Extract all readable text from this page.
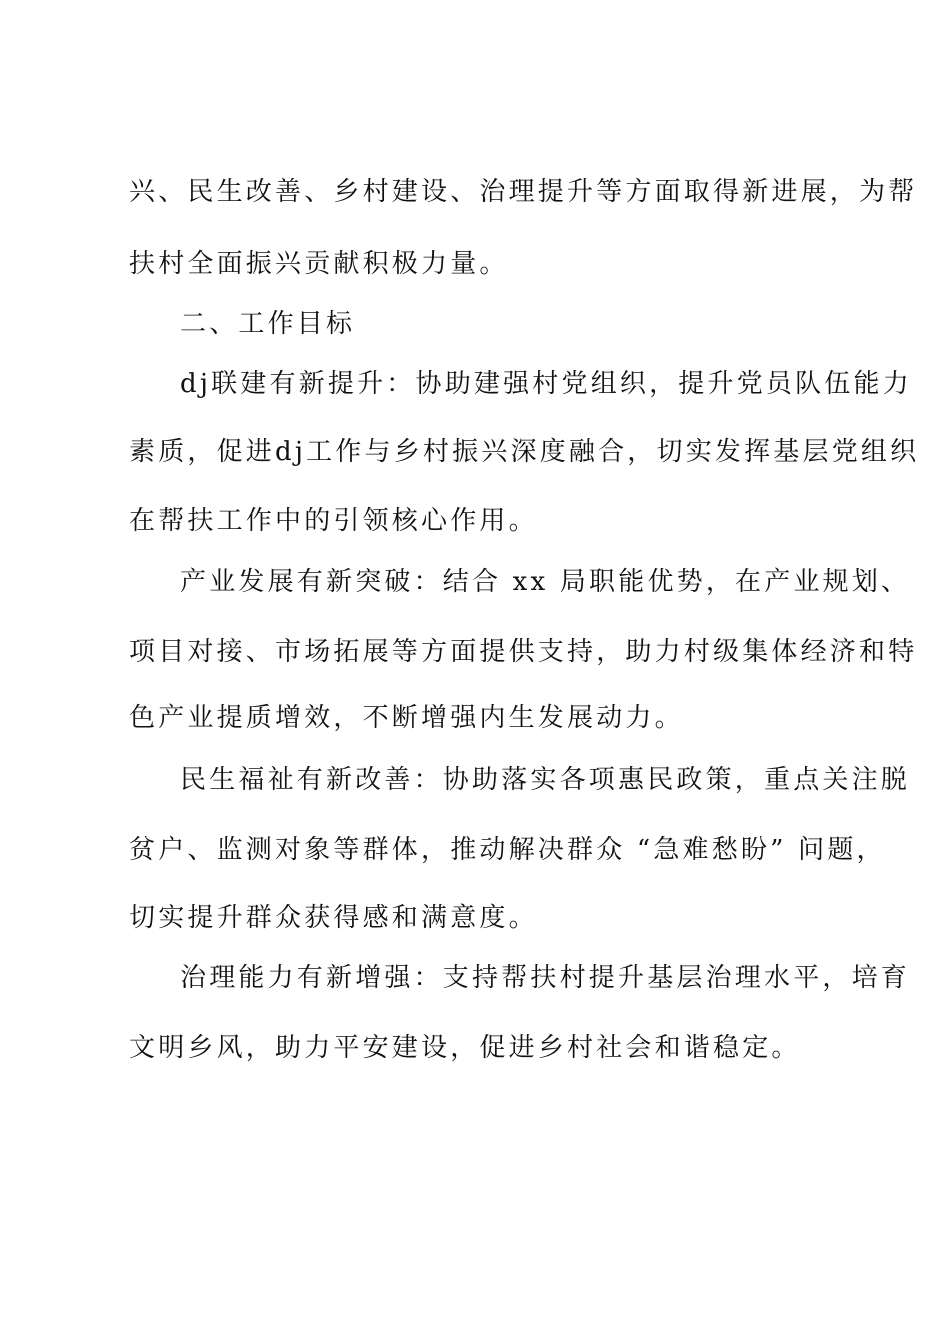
兴、民生改善、乡村建设、治理提升等方面取得新进展，为帮
扶村全面振兴贡献积极力量。
二、工作目标
dj联建有新提升：协助建强村党组织，提升党员队伍能力
素质，促进dj工作与乡村振兴深度融合，切实发挥基层党组织
在帮扶工作中的引领核心作用。
产业发展有新突破：结合 xx 局职能优势，在产业规划、
项目对接、市场拓展等方面提供支持，助力村级集体经济和特
色产业提质增效，不断增强内生发展动力。
民生福祉有新改善：协助落实各项惠民政策，重点关注脱
贫户、监测对象等群体，推动解决群众 “急难愁盼” 问题，
切实提升群众获得感和满意度。
治理能力有新增强：支持帮扶村提升基层治理水平，培育
文明乡风，助力平安建设，促进乡村社会和谐稳定。
